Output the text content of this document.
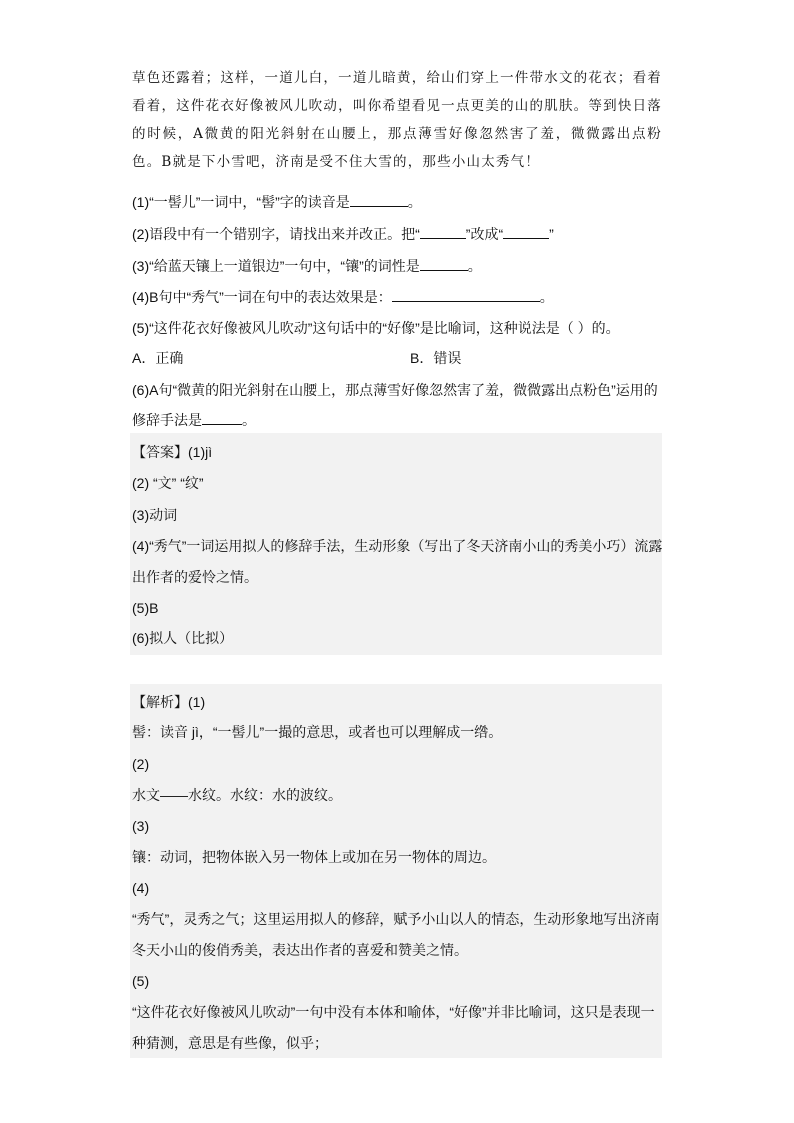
草色还露着；这样，一道儿白，一道儿暗黄，给山们穿上一件带水文的花衣；看着看着，这件花衣好像被风儿吹动，叫你希望看见一点更美的山的肌肤。等到快日落的时候，A微黄的阳光斜射在山腰上，那点薄雪好像忽然害了羞，微微露出点粉色。B就是下小雪吧，济南是受不住大雪的，那些小山太秀气！
(1)“一髻儿”一词中，“髻”字的读音是	。
(2)语段中有一个错别字，请找出来并改正。把“	”改成“	”
(3)“给蓝天镶上一道银边”一句中，“镶”的词性是	。
(4)B句中“秀气”一词在句中的表达效果是：	。
(5)“这件花衣好像被风儿吹动”这句话中的“好像”是比喻词，这种说法是（ ）的。
A．正确	B．错误
(6)A句“微黄的阳光斜射在山腰上，那点薄雪好像忽然害了羞，微微露出点粉色”运用的
修辞手法是	。
【答案】(1)jì
(2) “文” “纹”
(3)动词
(4)“秀气”一词运用拟人的修辞手法，生动形象（写出了冬天济南小山的秀美小巧）流露
出作者的爱怜之情。
(5)B
(6)拟人（比拟）
【解析】(1)
髻：读音 jì，“一髻儿”一撮的意思，或者也可以理解成一绺。
(2)
水文——水纹。水纹：水的波纹。
(3)
镶：动词，把物体嵌入另一物体上或加在另一物体的周边。
(4)
“秀气”，灵秀之气；这里运用拟人的修辞，赋予小山以人的情态，生动形象地写出济南
冬天小山的俊俏秀美，表达出作者的喜爱和赞美之情。
(5)
“这件花衣好像被风儿吹动”一句中没有本体和喻体，“好像”并非比喻词，这只是表现一
种猜测，意思是有些像，似乎；
